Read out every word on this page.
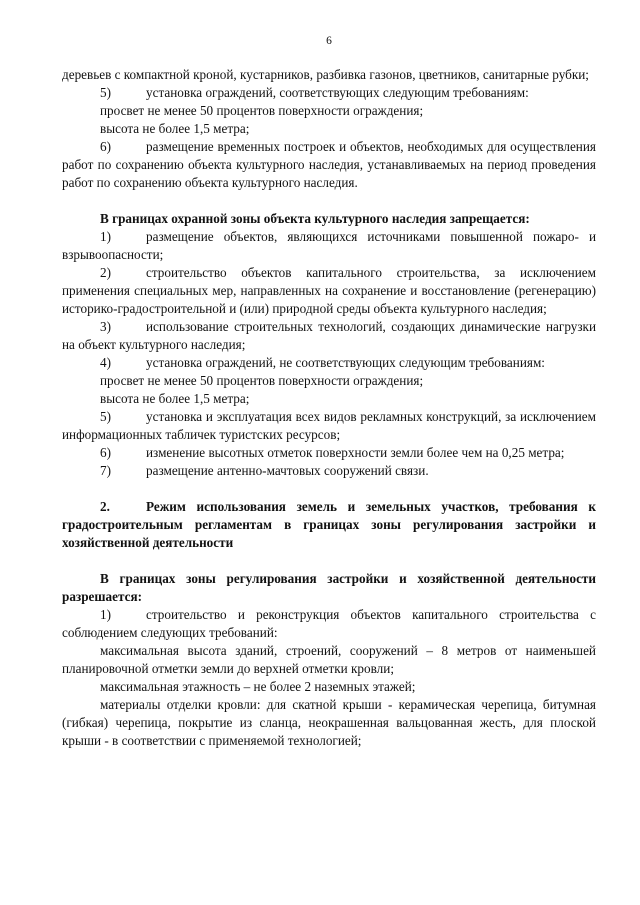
6

деревьев с компактной кроной, кустарников, разбивка газонов, цветников, санитарные рубки;

5)	установка ограждений, соответствующих следующим требованиям:

просвет не менее 50 процентов поверхности ограждения;

высота не более 1,5 метра;

6)	размещение временных построек и объектов, необходимых для осуществления работ по сохранению объекта культурного наследия, устанавливаемых на период проведения работ по сохранению объекта культурного наследия.

В границах охранной зоны объекта культурного наследия запрещается:

1)	размещение объектов, являющихся источниками повышенной пожаро- и взрывоопасности;

2)	строительство объектов капитального строительства, за исключением применения специальных мер, направленных на сохранение и восстановление (регенерацию) историко-градостроительной и (или) природной среды объекта культурного наследия;

3)	использование строительных технологий, создающих динамические нагрузки на объект культурного наследия;

4)	установка ограждений, не соответствующих следующим требованиям:

просвет не менее 50 процентов поверхности ограждения;

высота не более 1,5 метра;

5)	установка и эксплуатация всех видов рекламных конструкций, за исключением информационных табличек туристских ресурсов;

6)	изменение высотных отметок поверхности земли более чем на 0,25 метра;

7)	размещение антенно-мачтовых сооружений связи.

2.	Режим использования земель и земельных участков, требования к градостроительным регламентам в границах зоны регулирования застройки и хозяйственной деятельности

В границах зоны регулирования застройки и хозяйственной деятельности разрешается:

1)	строительство и реконструкция объектов капитального строительства с соблюдением следующих требований:

максимальная высота зданий, строений, сооружений – 8 метров от наименьшей планировочной отметки земли до верхней отметки кровли;

максимальная этажность – не более 2 наземных этажей;

материалы отделки кровли: для скатной крыши - керамическая черепица, битумная (гибкая) черепица, покрытие из сланца, неокрашенная вальцованная жесть, для плоской крыши - в соответствии с применяемой технологией;
